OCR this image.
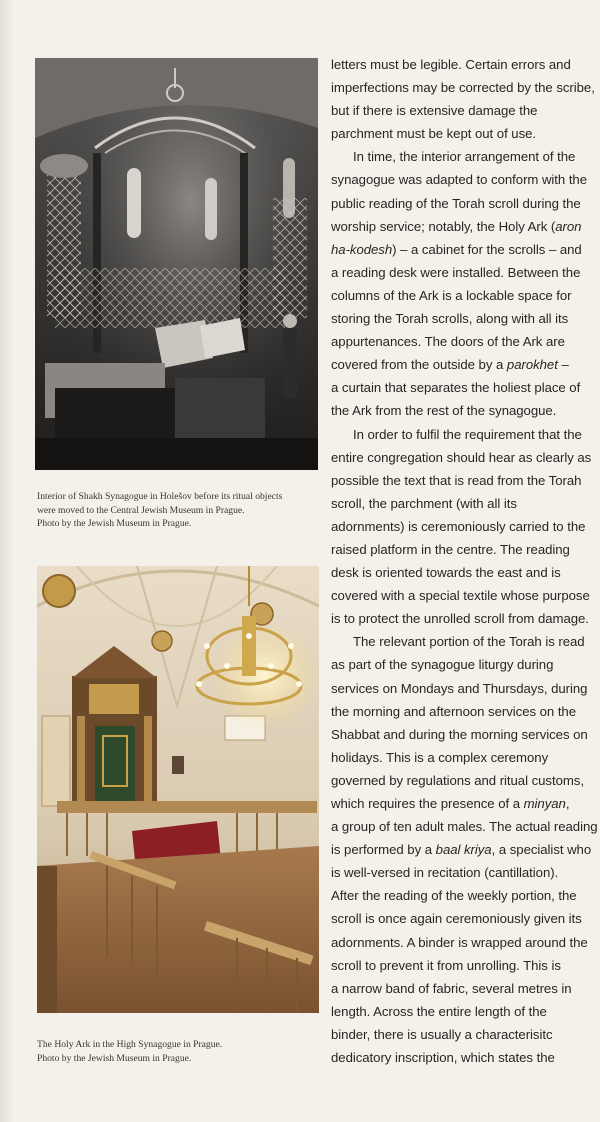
Interior of Shakh Synagogue in Holešov before its ritual objects
were moved to the Central Jewish Museum in Prague.
Photo by the Jewish Museum in Prague.

The Holy Ark in the High Synagogue in Prague.
Photo by the Jewish Museum in Prague.

letters must be legible. Certain errors and
imperfections may be corrected by the scribe,
but if there is extensive damage the
parchment must be kept out of use.
In time, the interior arrangement of the
synagogue was adapted to conform with the
public reading of the Torah scroll during the
worship service; notably, the Holy Ark (aron
ha-kodesh) – a cabinet for the scrolls – and
a reading desk were installed. Between the
columns of the Ark is a lockable space for
storing the Torah scrolls, along with all its
appurtenances. The doors of the Ark are
covered from the outside by a parokhet –
a curtain that separates the holiest place of
the Ark from the rest of the synagogue.
In order to fulfil the requirement that the
entire congregation should hear as clearly as
possible the text that is read from the Torah
scroll, the parchment (with all its
adornments) is ceremoniously carried to the
raised platform in the centre. The reading
desk is oriented towards the east and is
covered with a special textile whose purpose
is to protect the unrolled scroll from damage.
The relevant portion of the Torah is read
as part of the synagogue liturgy during
services on Mondays and Thursdays, during
the morning and afternoon services on the
Shabbat and during the morning services on
holidays. This is a complex ceremony
governed by regulations and ritual customs,
which requires the presence of a minyan,
a group of ten adult males. The actual reading
is performed by a baal kriya, a specialist who
is well-versed in recitation (cantillation).
After the reading of the weekly portion, the
scroll is once again ceremoniously given its
adornments. A binder is wrapped around the
scroll to prevent it from unrolling. This is
a narrow band of fabric, several metres in
length. Across the entire length of the
binder, there is usually a characterisitc
dedicatory inscription, which states the
